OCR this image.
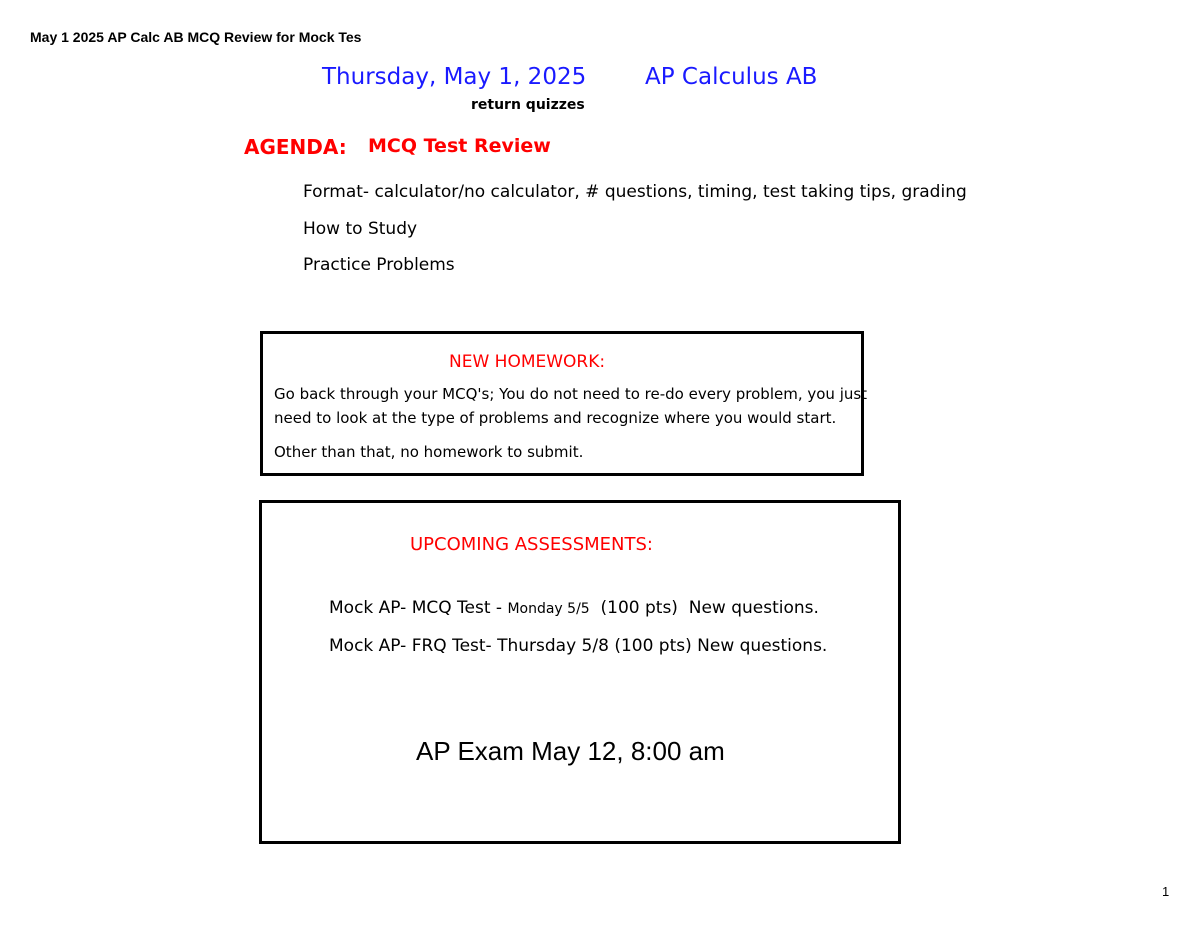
May 1 2025 AP Calc AB MCQ Review for Mock Tes
Thursday, May 1, 2025	AP Calculus AB
return quizzes
AGENDA: MCQ Test Review
Format- calculator/no calculator, # questions, timing, test taking tips, grading
How to Study
Practice Problems
NEW HOMEWORK:
Go back through your MCQ's; You do not need to re-do every problem, you just
need to look at the type of problems and recognize where you would start.
Other than that, no homework to submit.
UPCOMING ASSESSMENTS:
Mock AP- MCQ Test - Monday 5/5  (100 pts)  New questions.
Mock AP- FRQ Test- Thursday 5/8 (100 pts) New questions.
AP Exam May 12, 8:00 am
1
